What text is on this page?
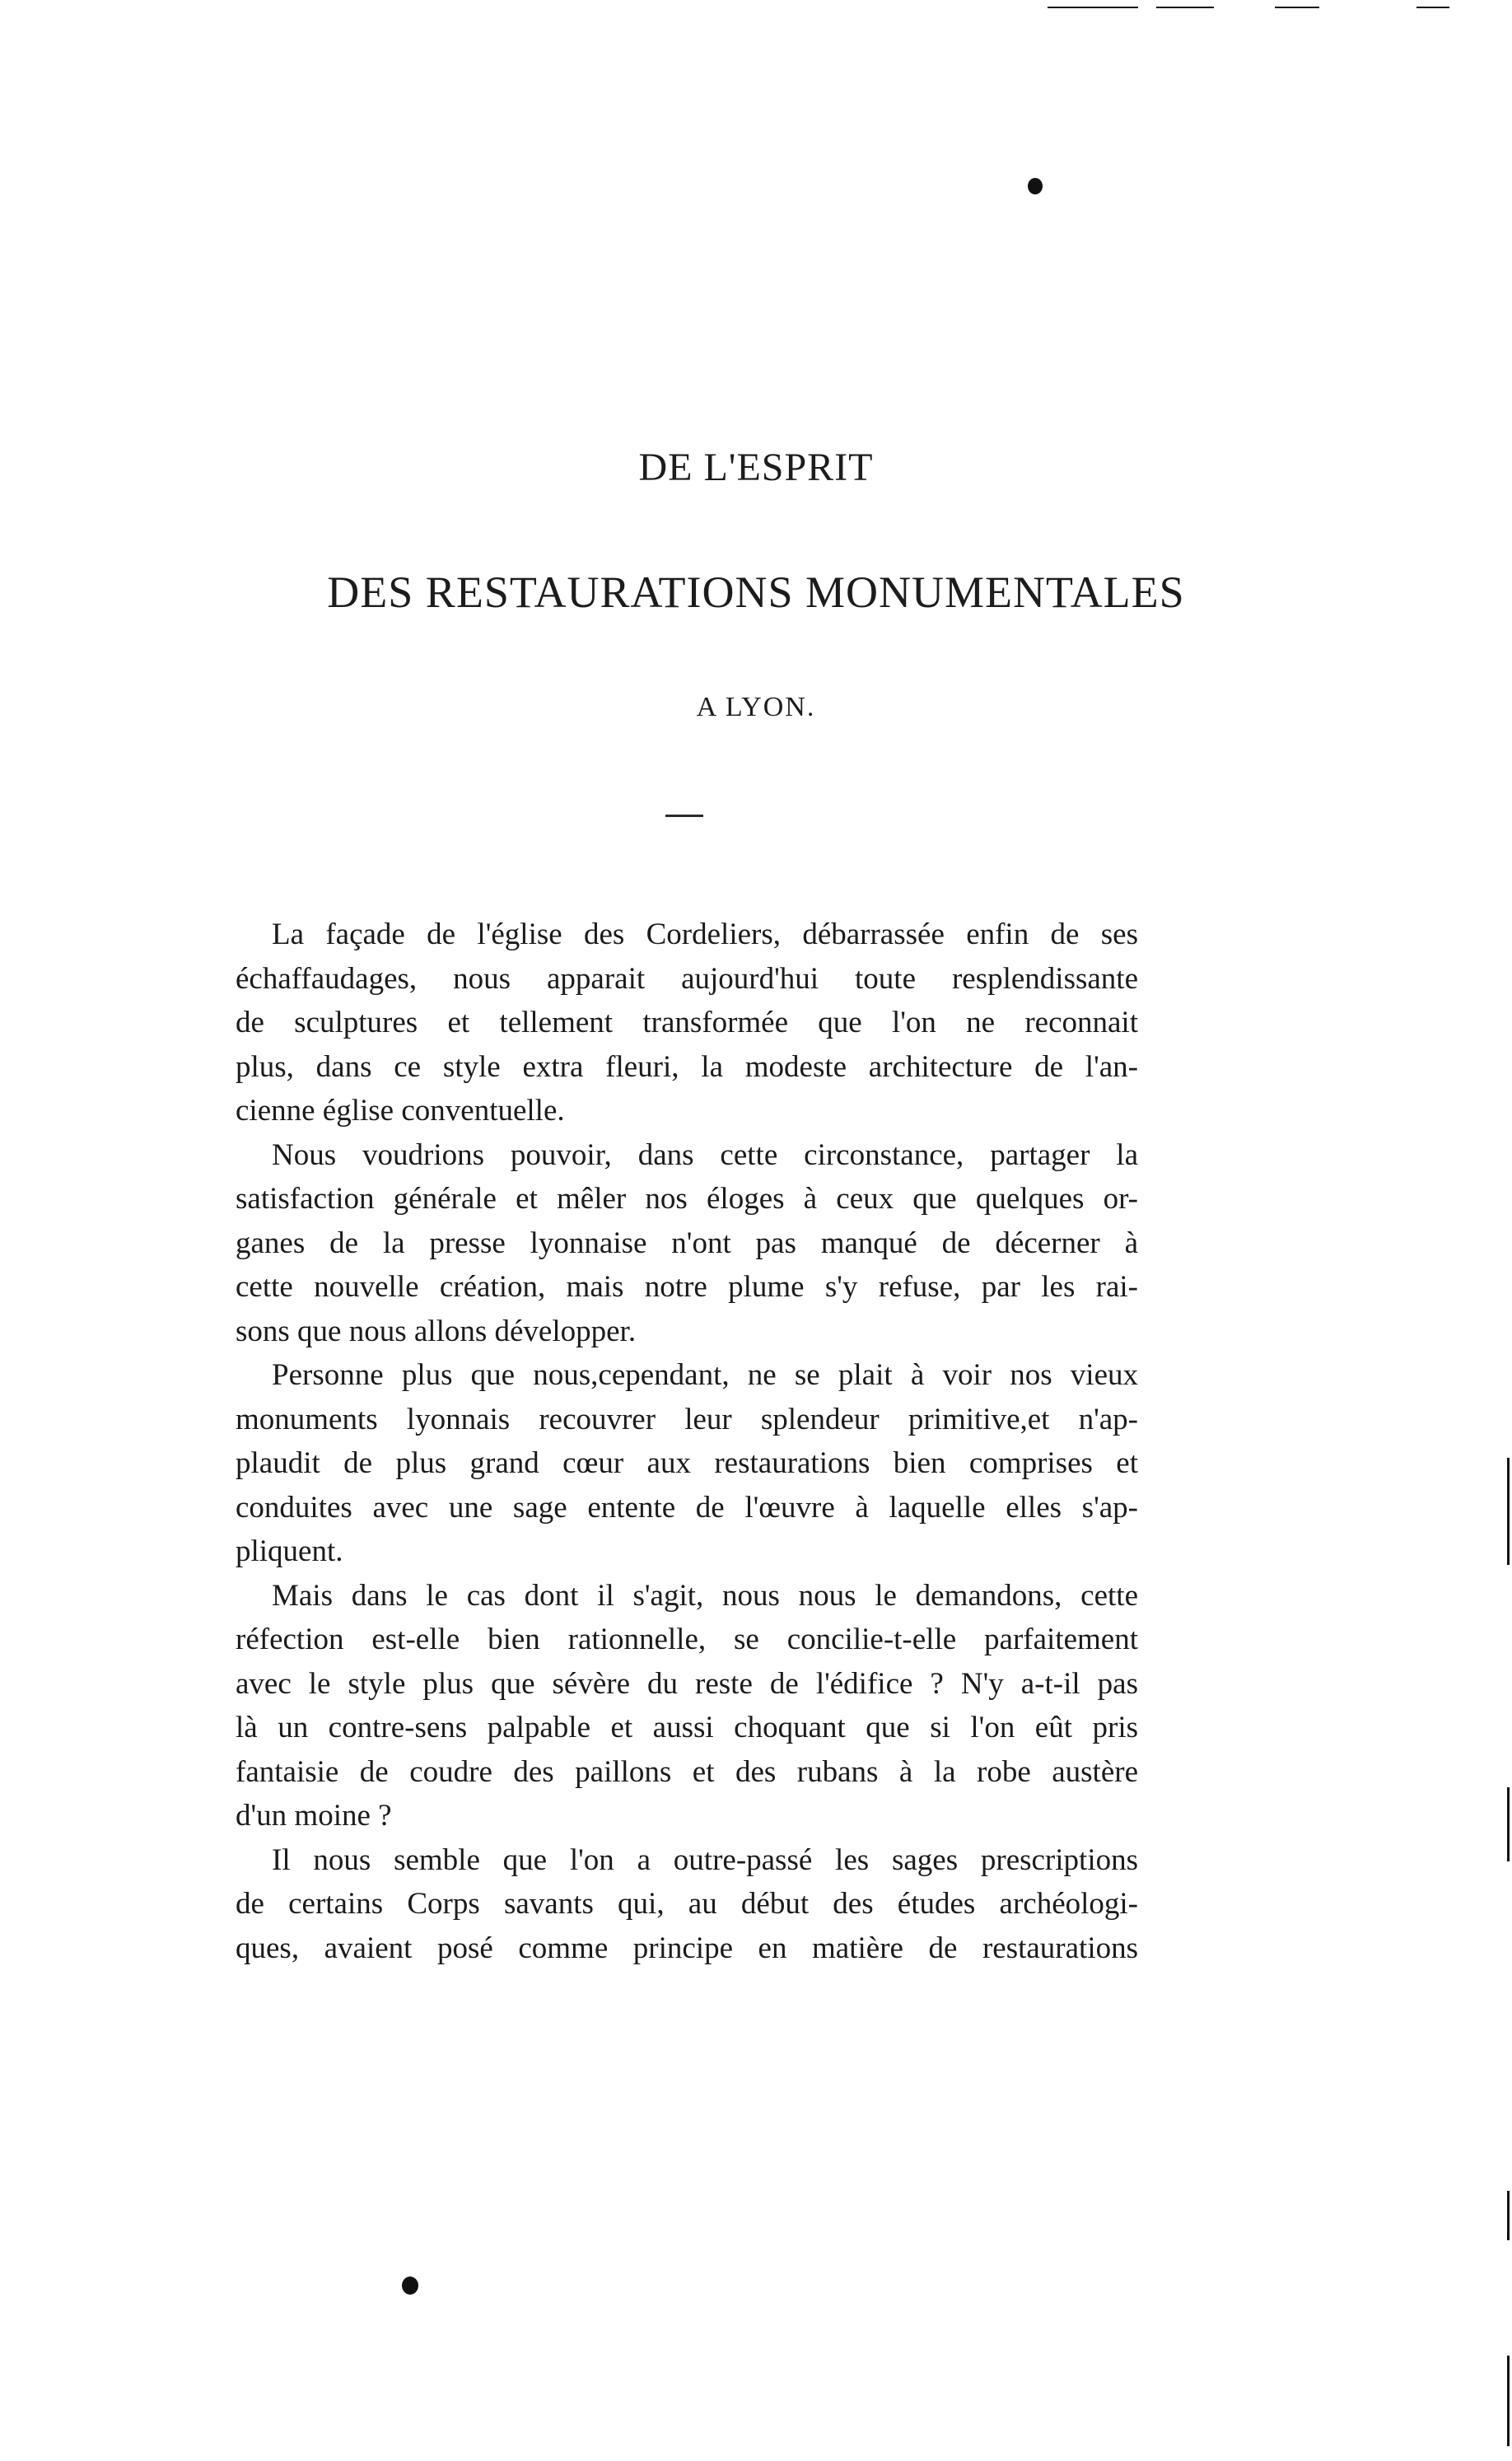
DE L'ESPRIT
DES RESTAURATIONS MONUMENTALES
A LYON.

La façade de l'église des Cordeliers, débarrassée enfin de ses
échaffaudages, nous apparait aujourd'hui toute resplendissante
de sculptures et tellement transformée que l'on ne reconnait
plus, dans ce style extra fleuri, la modeste architecture de l'an-
cienne église conventuelle.

Nous voudrions pouvoir, dans cette circonstance, partager la
satisfaction générale et mêler nos éloges à ceux que quelques or-
ganes de la presse lyonnaise n'ont pas manqué de décerner à
cette nouvelle création, mais notre plume s'y refuse, par les rai-
sons que nous allons développer.

Personne plus que nous,cependant, ne se plait à voir nos vieux
monuments lyonnais recouvrer leur splendeur primitive,et n'ap-
plaudit de plus grand cœur aux restaurations bien comprises et
conduites avec une sage entente de l'œuvre à laquelle elles s'ap-
pliquent.

Mais dans le cas dont il s'agit, nous nous le demandons, cette
réfection est-elle bien rationnelle, se concilie-t-elle parfaitement
avec le style plus que sévère du reste de l'édifice ? N'y a-t-il pas
là un contre-sens palpable et aussi choquant que si l'on eût pris
fantaisie de coudre des paillons et des rubans à la robe austère
d'un moine ?

Il nous semble que l'on a outre-passé les sages prescriptions
de certains Corps savants qui, au début des études archéologi-
ques, avaient posé comme principe en matière de restaurations
